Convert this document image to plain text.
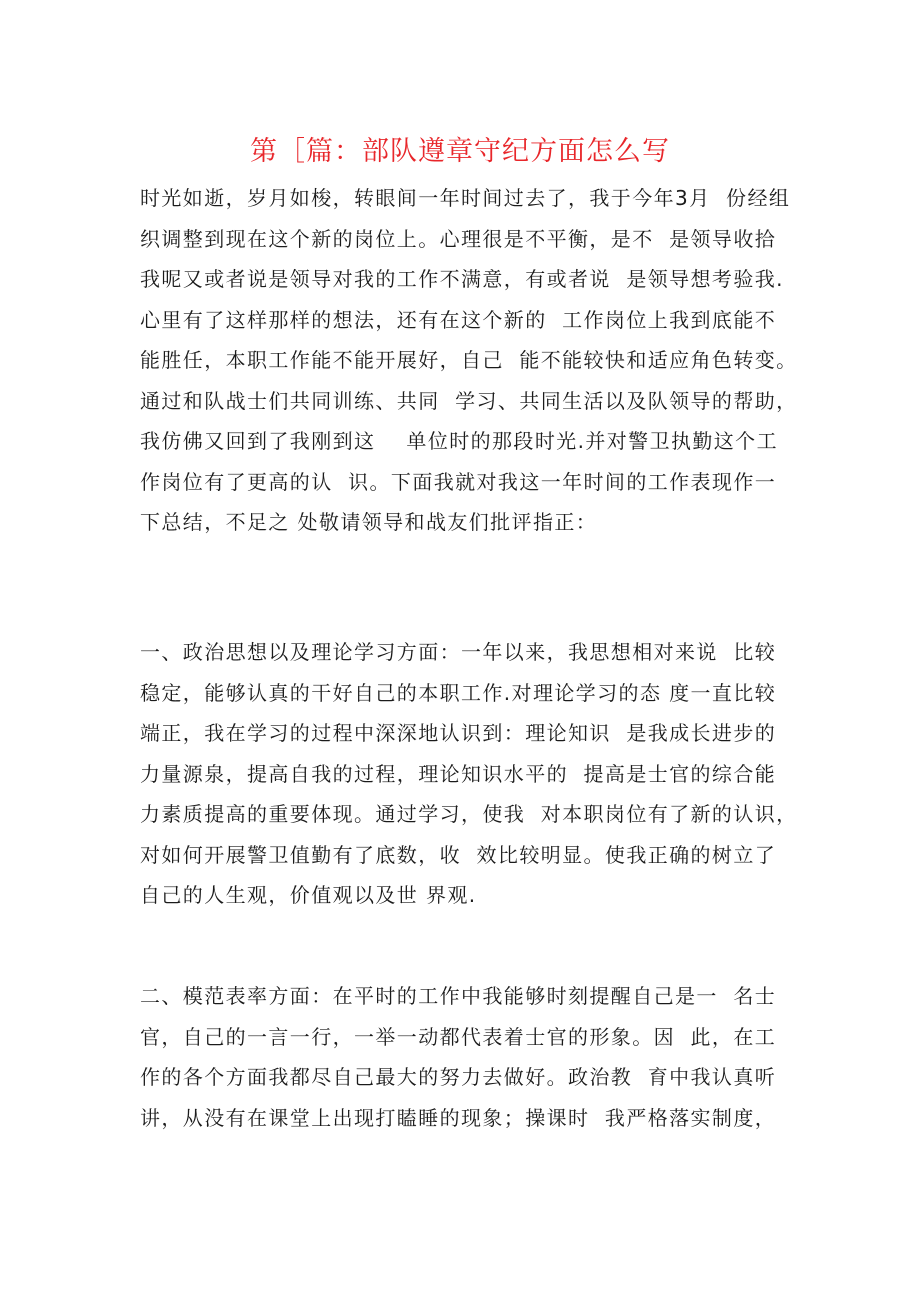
第［篇：部队遵章守纪方面怎么写
时光如逝，岁月如梭，转眼间一年时间过去了，我于今年3月  份经组
织调整到现在这个新的岗位上。心理很是不平衡，是不  是领导收拾
我呢又或者说是领导对我的工作不满意，有或者说  是领导想考验我.
心里有了这样那样的想法，还有在这个新的  工作岗位上我到底能不
能胜任，本职工作能不能开展好，自己  能不能较快和适应角色转变。
通过和队战士们共同训练、共同  学习、共同生活以及队领导的帮助，
我仿佛又回到了我刚到这    单位时的那段时光.并对警卫执勤这个工
作岗位有了更高的认  识。下面我就对我这一年时间的工作表现作一
下总结，不足之 处敬请领导和战友们批评指正：
一、政治思想以及理论学习方面：一年以来，我思想相对来说  比较
稳定，能够认真的干好自己的本职工作.对理论学习的态 度一直比较
端正，我在学习的过程中深深地认识到：理论知识  是我成长进步的
力量源泉，提高自我的过程，理论知识水平的  提高是士官的综合能
力素质提高的重要体现。通过学习，使我  对本职岗位有了新的认识，
对如何开展警卫值勤有了底数，收  效比较明显。使我正确的树立了
自己的人生观，价值观以及世 界观.
二、模范表率方面：在平时的工作中我能够时刻提醒自己是一  名士
官，自己的一言一行，一举一动都代表着士官的形象。因  此，在工
作的各个方面我都尽自己最大的努力去做好。政治教  育中我认真听
讲，从没有在课堂上出现打瞌睡的现象；操课时  我严格落实制度，
